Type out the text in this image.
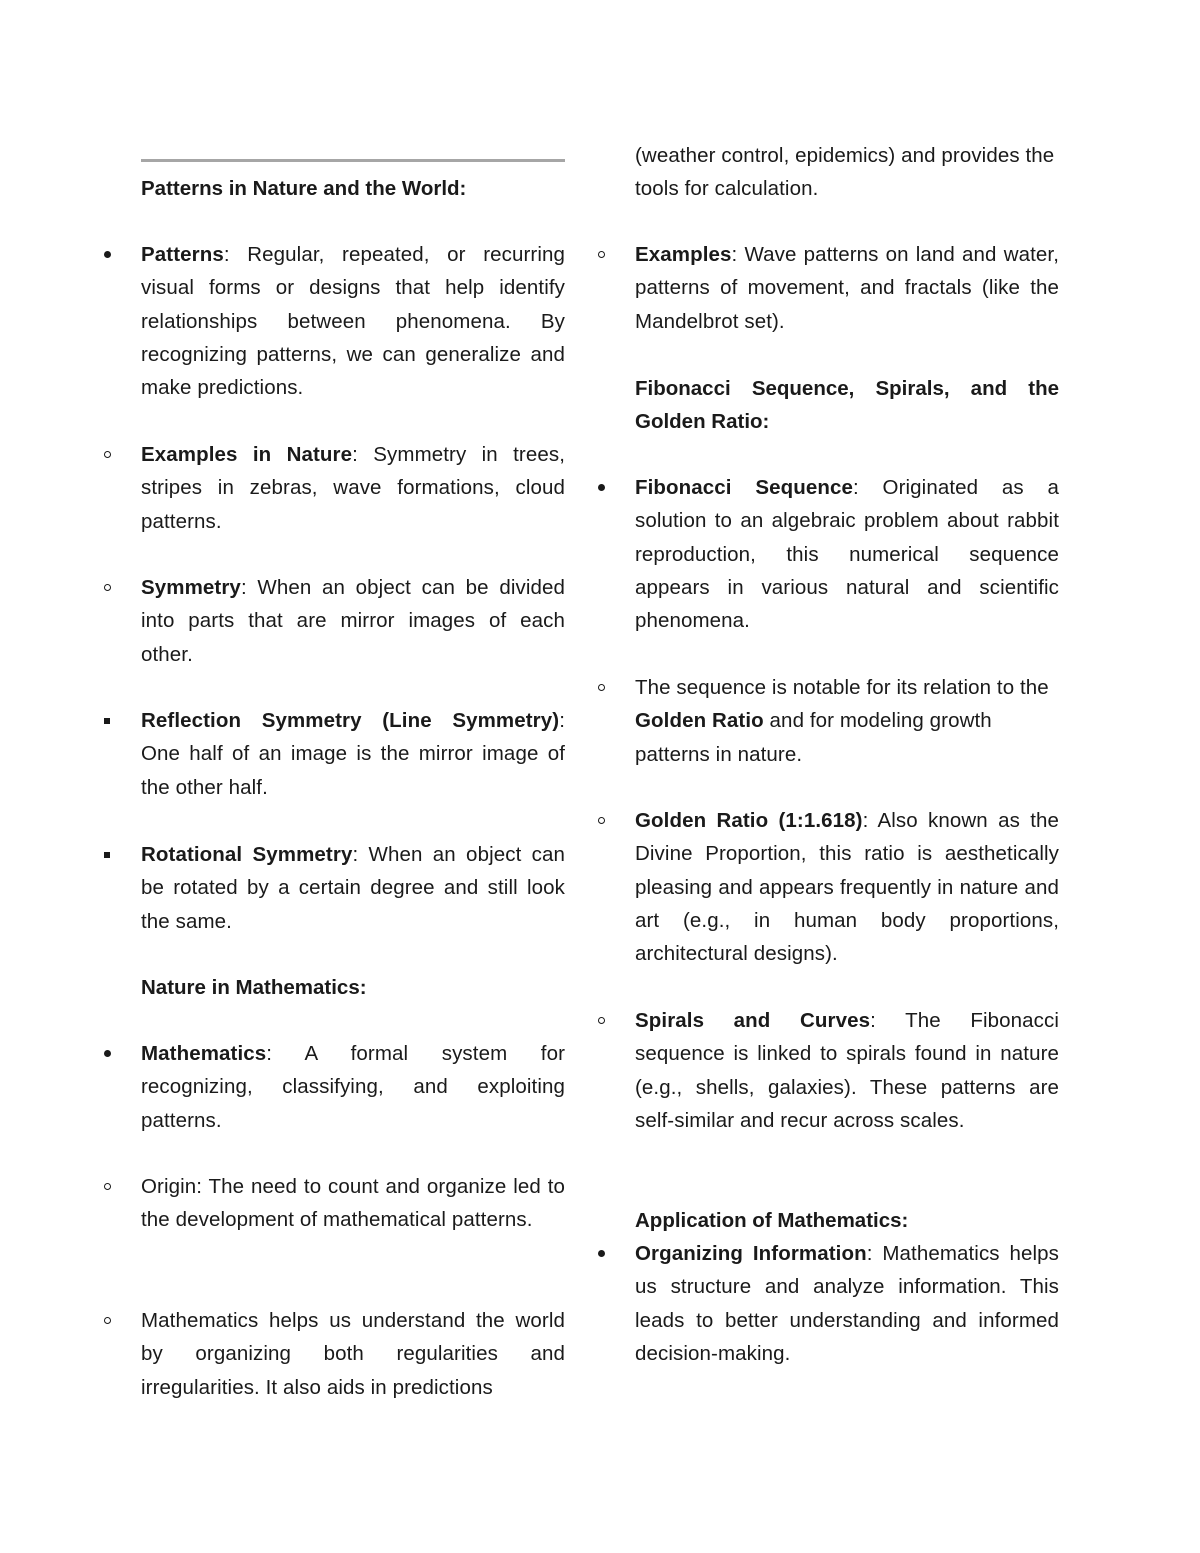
Patterns in Nature and the World:
Patterns: Regular, repeated, or recurring visual forms or designs that help identify relationships between phenomena. By recognizing patterns, we can generalize and make predictions.
Examples in Nature: Symmetry in trees, stripes in zebras, wave formations, cloud patterns.
Symmetry: When an object can be divided into parts that are mirror images of each other.
Reflection Symmetry (Line Symmetry): One half of an image is the mirror image of the other half.
Rotational Symmetry: When an object can be rotated by a certain degree and still look the same.
Nature in Mathematics:
Mathematics: A formal system for recognizing, classifying, and exploiting patterns.
Origin: The need to count and organize led to the development of mathematical patterns.
Mathematics helps us understand the world by organizing both regularities and irregularities. It also aids in predictions
(weather control, epidemics) and provides the tools for calculation.
Examples: Wave patterns on land and water, patterns of movement, and fractals (like the Mandelbrot set).
Fibonacci Sequence, Spirals, and the Golden Ratio:
Fibonacci Sequence: Originated as a solution to an algebraic problem about rabbit reproduction, this numerical sequence appears in various natural and scientific phenomena.
The sequence is notable for its relation to the Golden Ratio and for modeling growth patterns in nature.
Golden Ratio (1:1.618): Also known as the Divine Proportion, this ratio is aesthetically pleasing and appears frequently in nature and art (e.g., in human body proportions, architectural designs).
Spirals and Curves: The Fibonacci sequence is linked to spirals found in nature (e.g., shells, galaxies). These patterns are self-similar and recur across scales.
Application of Mathematics:
Organizing Information: Mathematics helps us structure and analyze information. This leads to better understanding and informed decision-making.
